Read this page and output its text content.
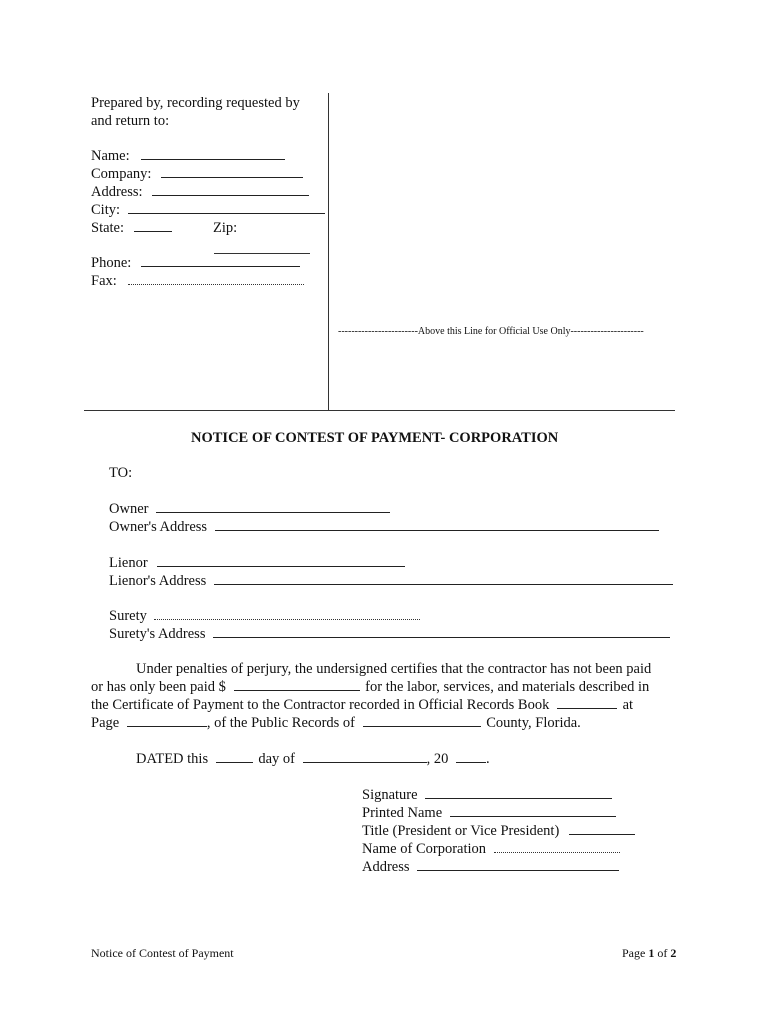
Prepared by, recording requested by
and return to:
Name:
Company:
Address:
City:
State:	Zip:
Phone:
Fax:
------------------------Above this Line for Official Use Only----------------------
NOTICE OF CONTEST OF PAYMENT- CORPORATION
TO:
Owner
Owner's Address
Lienor
Lienor's Address
Surety
Surety's Address
Under penalties of perjury, the undersigned certifies that the contractor has not been paid
or has only been paid $	for the labor, services, and materials described in
the Certificate of Payment to the Contractor recorded in Official Records Book	at
Page	, of the Public Records of	County, Florida.
DATED this	day of	, 20	.
Signature
Printed Name
Title (President or Vice President)
Name of Corporation
Address
Notice of Contest of Payment	Page 1 of 2
